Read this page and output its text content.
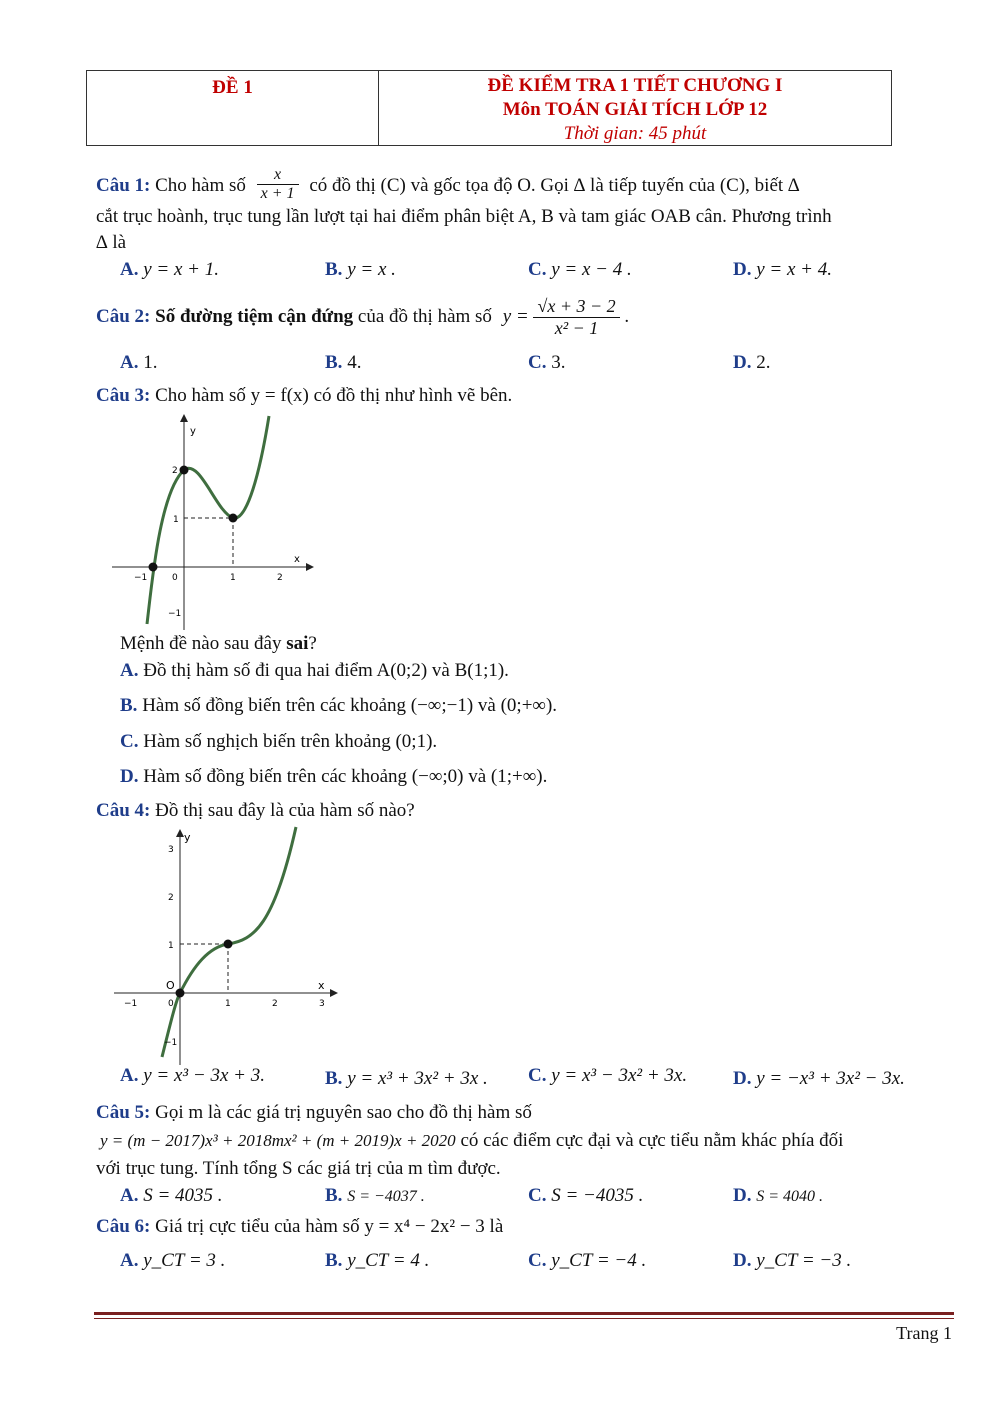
ĐỀ 1	ĐỀ KIỂM TRA 1 TIẾT CHƯƠNG I
Môn TOÁN GIẢI TÍCH LỚP 12
Thời gian: 45 phút
Câu 1: Cho hàm số $\frac{x}{x + 1}$ có đồ thị (C) và gốc tọa độ O. Gọi ∆ là tiếp tuyến của (C), biết ∆
cắt trục hoành, trục tung lần lượt tại hai điểm phân biệt A, B và tam giác OAB cân. Phương trình
∆ là
A. y = x + 1.	B. y = x .	C. y = x − 4 .	D. y = x + 4.
Câu 2: Số đường tiệm cận đứng của đồ thị hàm số $y = \frac{√x + 3 - 2}{\text{x² − 1}}$ .
A. 1.	B. 4.	C. 3.	D. 2.
Câu 3: Cho hàm số y = f(x) có đồ thị như hình vẽ bên.
y
x
−1	0	1	2
2
1
−1
Mệnh đề nào sau đây sai?
A. Đồ thị hàm số đi qua hai điểm A(0;2) và B(1;1).
B. Hàm số đồng biến trên các khoảng (−∞;−1) và (0;+∞).
C. Hàm số nghịch biến trên khoảng (0;1).
D. Hàm số đồng biến trên các khoảng (−∞;0) và (1;+∞).
Câu 4: Đồ thị sau đây là của hàm số nào?
y
x
O
−1	0	1	2	3
3
2
1
−1
A. y = x³ − 3x + 3.	B. y = x³ + 3x² + 3x . C. y = x³ − 3x² + 3x. D. y = −x³ + 3x² − 3x.
Câu 5: Gọi m là các giá trị nguyên sao cho đồ thị hàm số
y = (m − 2017)x³ + 2018mx² + (m + 2019)x + 2020 có các điểm cực đại và cực tiểu nằm khác phía đối
với trục tung. Tính tổng S các giá trị của m tìm được.
A. S = 4035 .	B. S = −4037 .	C. S = −4035 .	D. S = 4040 .
Câu 6: Giá trị cực tiểu của hàm số y = x⁴ − 2x² − 3 là
A. y_CT = 3 .	B. y_CT = 4 .	C. y_CT = −4 .	D. y_CT = −3 .
Trang 1
